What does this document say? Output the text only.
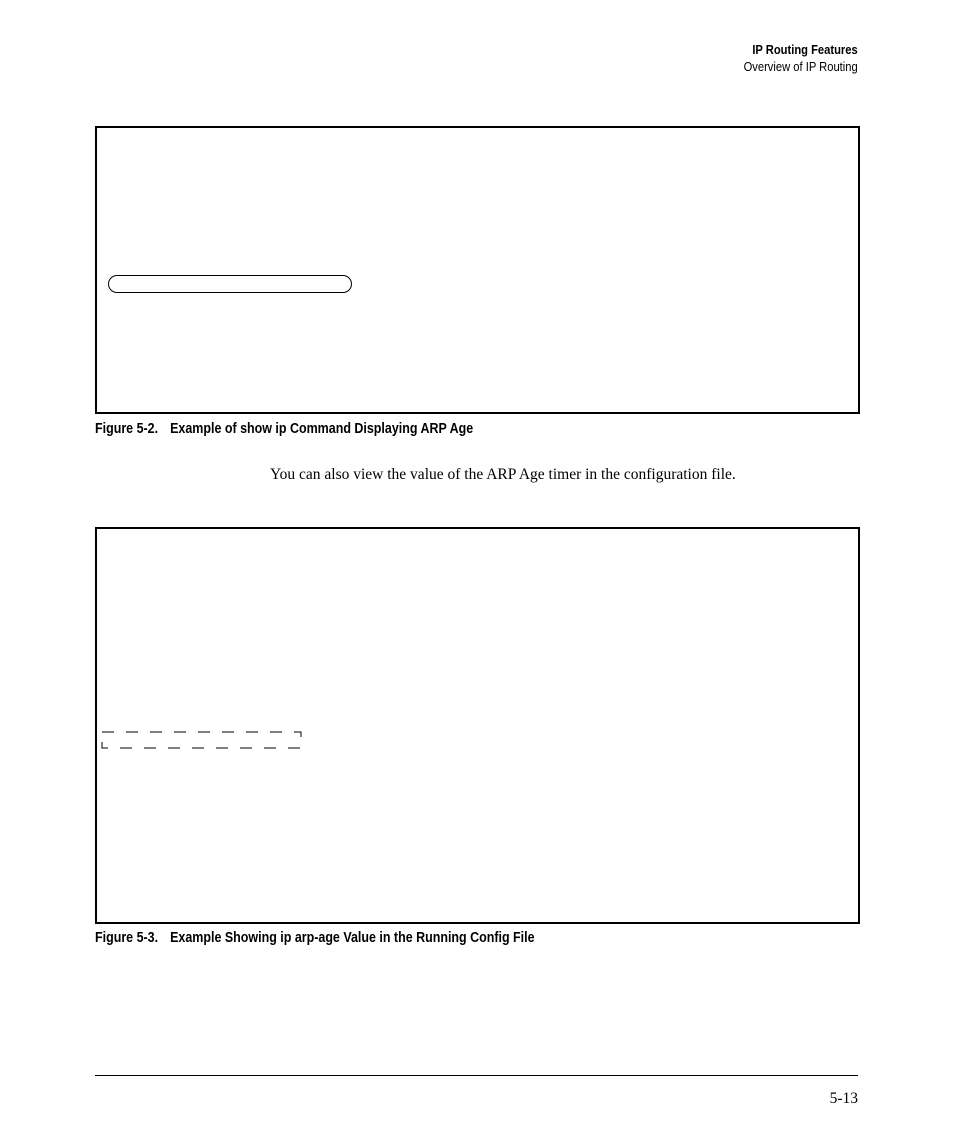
IP Routing Features
Overview of IP Routing
Figure 5-2. Example of show ip Command Displaying ARP Age
You can also view the value of the ARP Age timer in the configuration file.
Figure 5-3. Example Showing ip arp-age Value in the Running Config File
5-13
